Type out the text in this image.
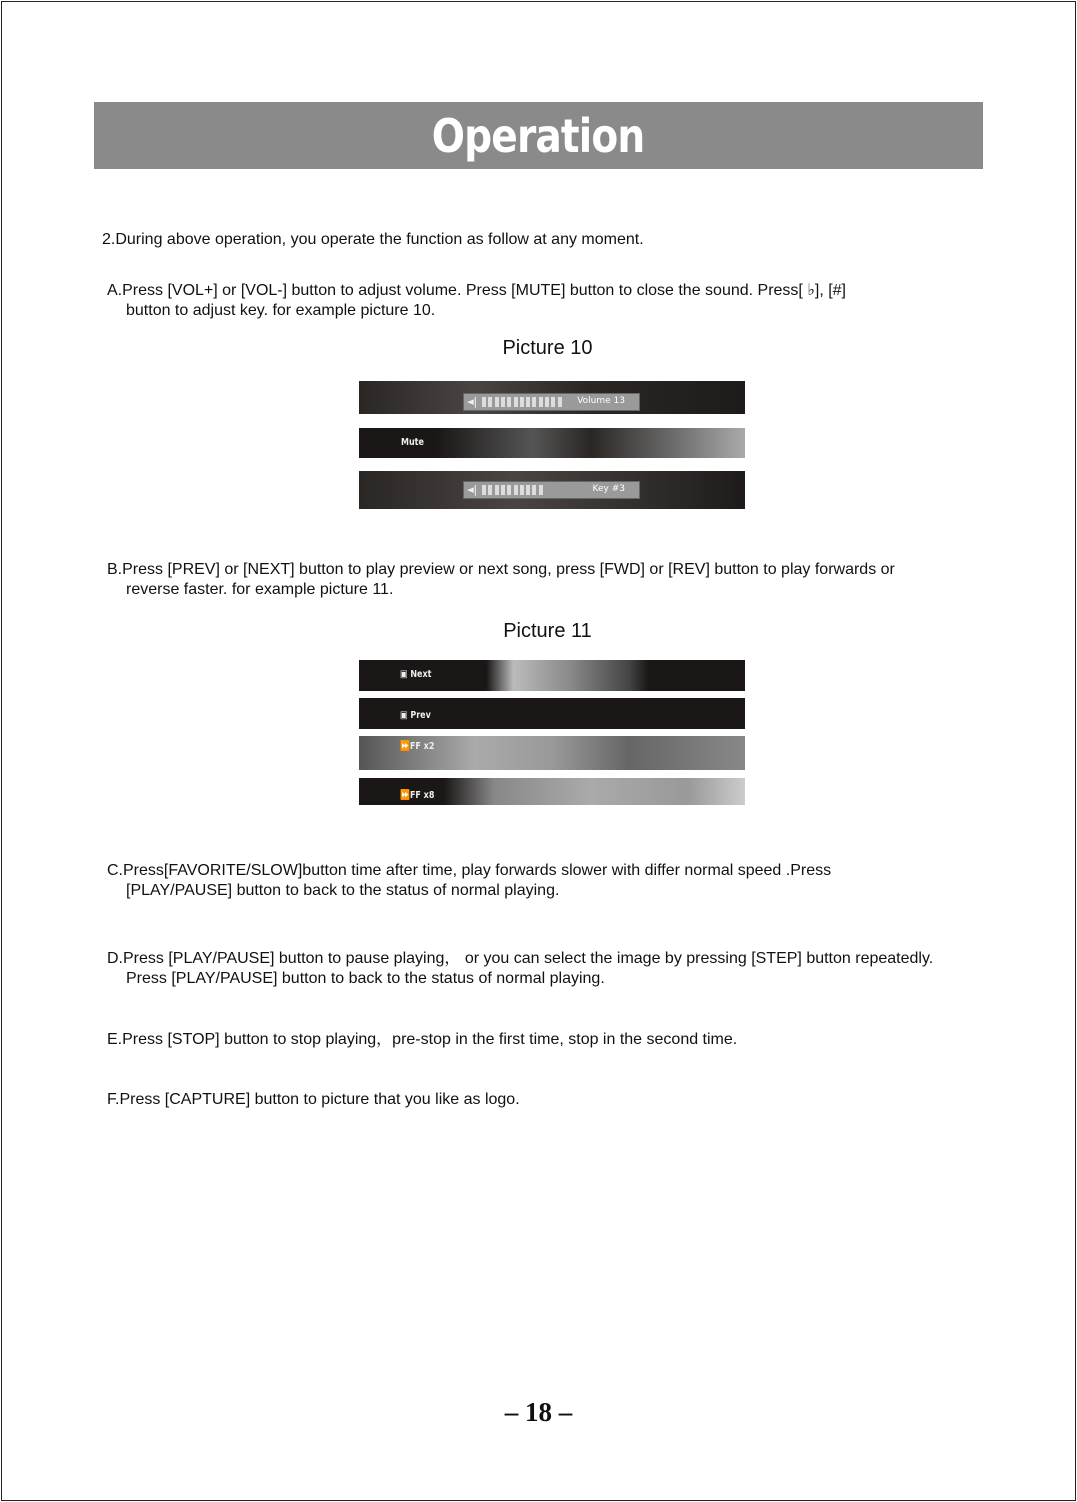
Operation
2.During above operation, you operate the function as follow at any moment.
A.Press [VOL+] or [VOL-] button to adjust volume. Press [MUTE] button to close the sound. Press[ ♭], [#]
button to adjust key. for example picture 10.
Picture 10
◄|	Volume 13
Mute
◄|	Key #3
B.Press [PREV] or [NEXT] button to play preview or next song, press [FWD] or [REV] button to play forwards or
reverse faster. for example picture 11.
Picture 11
▣ Next
▣ Prev
⏩FF x2
⏩FF x8
C.Press[FAVORITE/SLOW]button time after time, play forwards slower with differ normal speed .Press
[PLAY/PAUSE] button to back to the status of normal playing.
D.Press [PLAY/PAUSE] button to pause playing， or you can select the image by pressing [STEP] button repeatedly.
Press [PLAY/PAUSE] button to back to the status of normal playing.
E.Press [STOP] button to stop playing，pre-stop in the first time, stop in the second time.
F.Press [CAPTURE] button to picture that you like as logo.
– 18 –
